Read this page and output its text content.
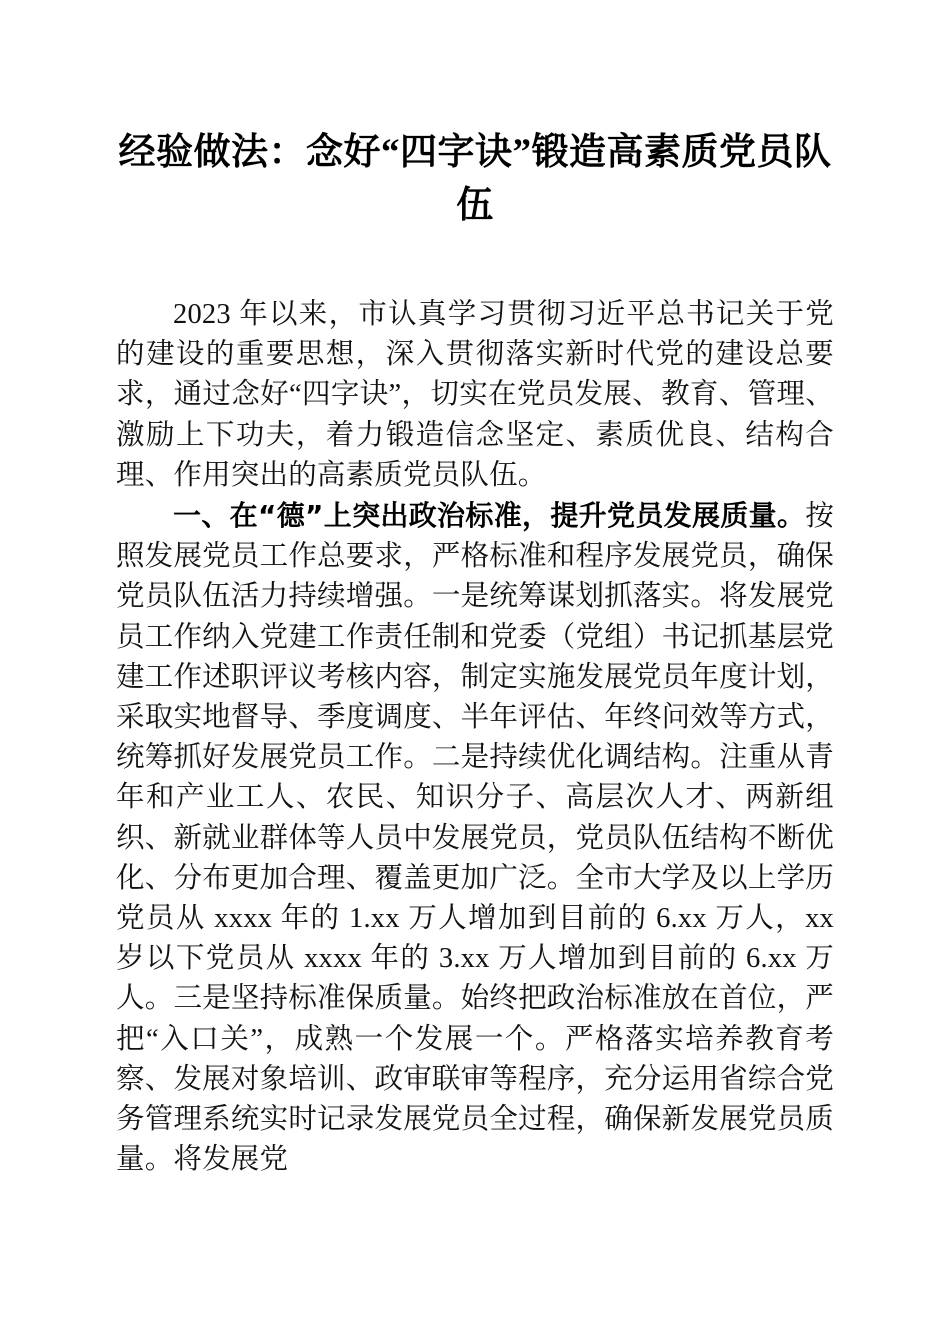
经验做法：念好“四字诀”锻造高素质党员队伍

2023 年以来，市认真学习贯彻习近平总书记关于党的建设的重要思想，深入贯彻落实新时代党的建设总要求，通过念好“四字诀”，切实在党员发展、教育、管理、激励上下功夫，着力锻造信念坚定、素质优良、结构合理、作用突出的高素质党员队伍。

一、在“德”上突出政治标准，提升党员发展质量。按照发展党员工作总要求，严格标准和程序发展党员，确保党员队伍活力持续增强。一是统筹谋划抓落实。将发展党员工作纳入党建工作责任制和党委（党组）书记抓基层党建工作述职评议考核内容，制定实施发展党员年度计划，采取实地督导、季度调度、半年评估、年终问效等方式，统筹抓好发展党员工作。二是持续优化调结构。注重从青年和产业工人、农民、知识分子、高层次人才、两新组织、新就业群体等人员中发展党员，党员队伍结构不断优化、分布更加合理、覆盖更加广泛。全市大学及以上学历党员从 xxxx 年的 1.xx 万人增加到目前的 6.xx 万人，xx 岁以下党员从 xxxx 年的 3.xx 万人增加到目前的 6.xx 万人。三是坚持标准保质量。始终把政治标准放在首位，严把“入口关”，成熟一个发展一个。严格落实培养教育考察、发展对象培训、政审联审等程序，充分运用省综合党务管理系统实时记录发展党员全过程，确保新发展党员质量。将发展党
